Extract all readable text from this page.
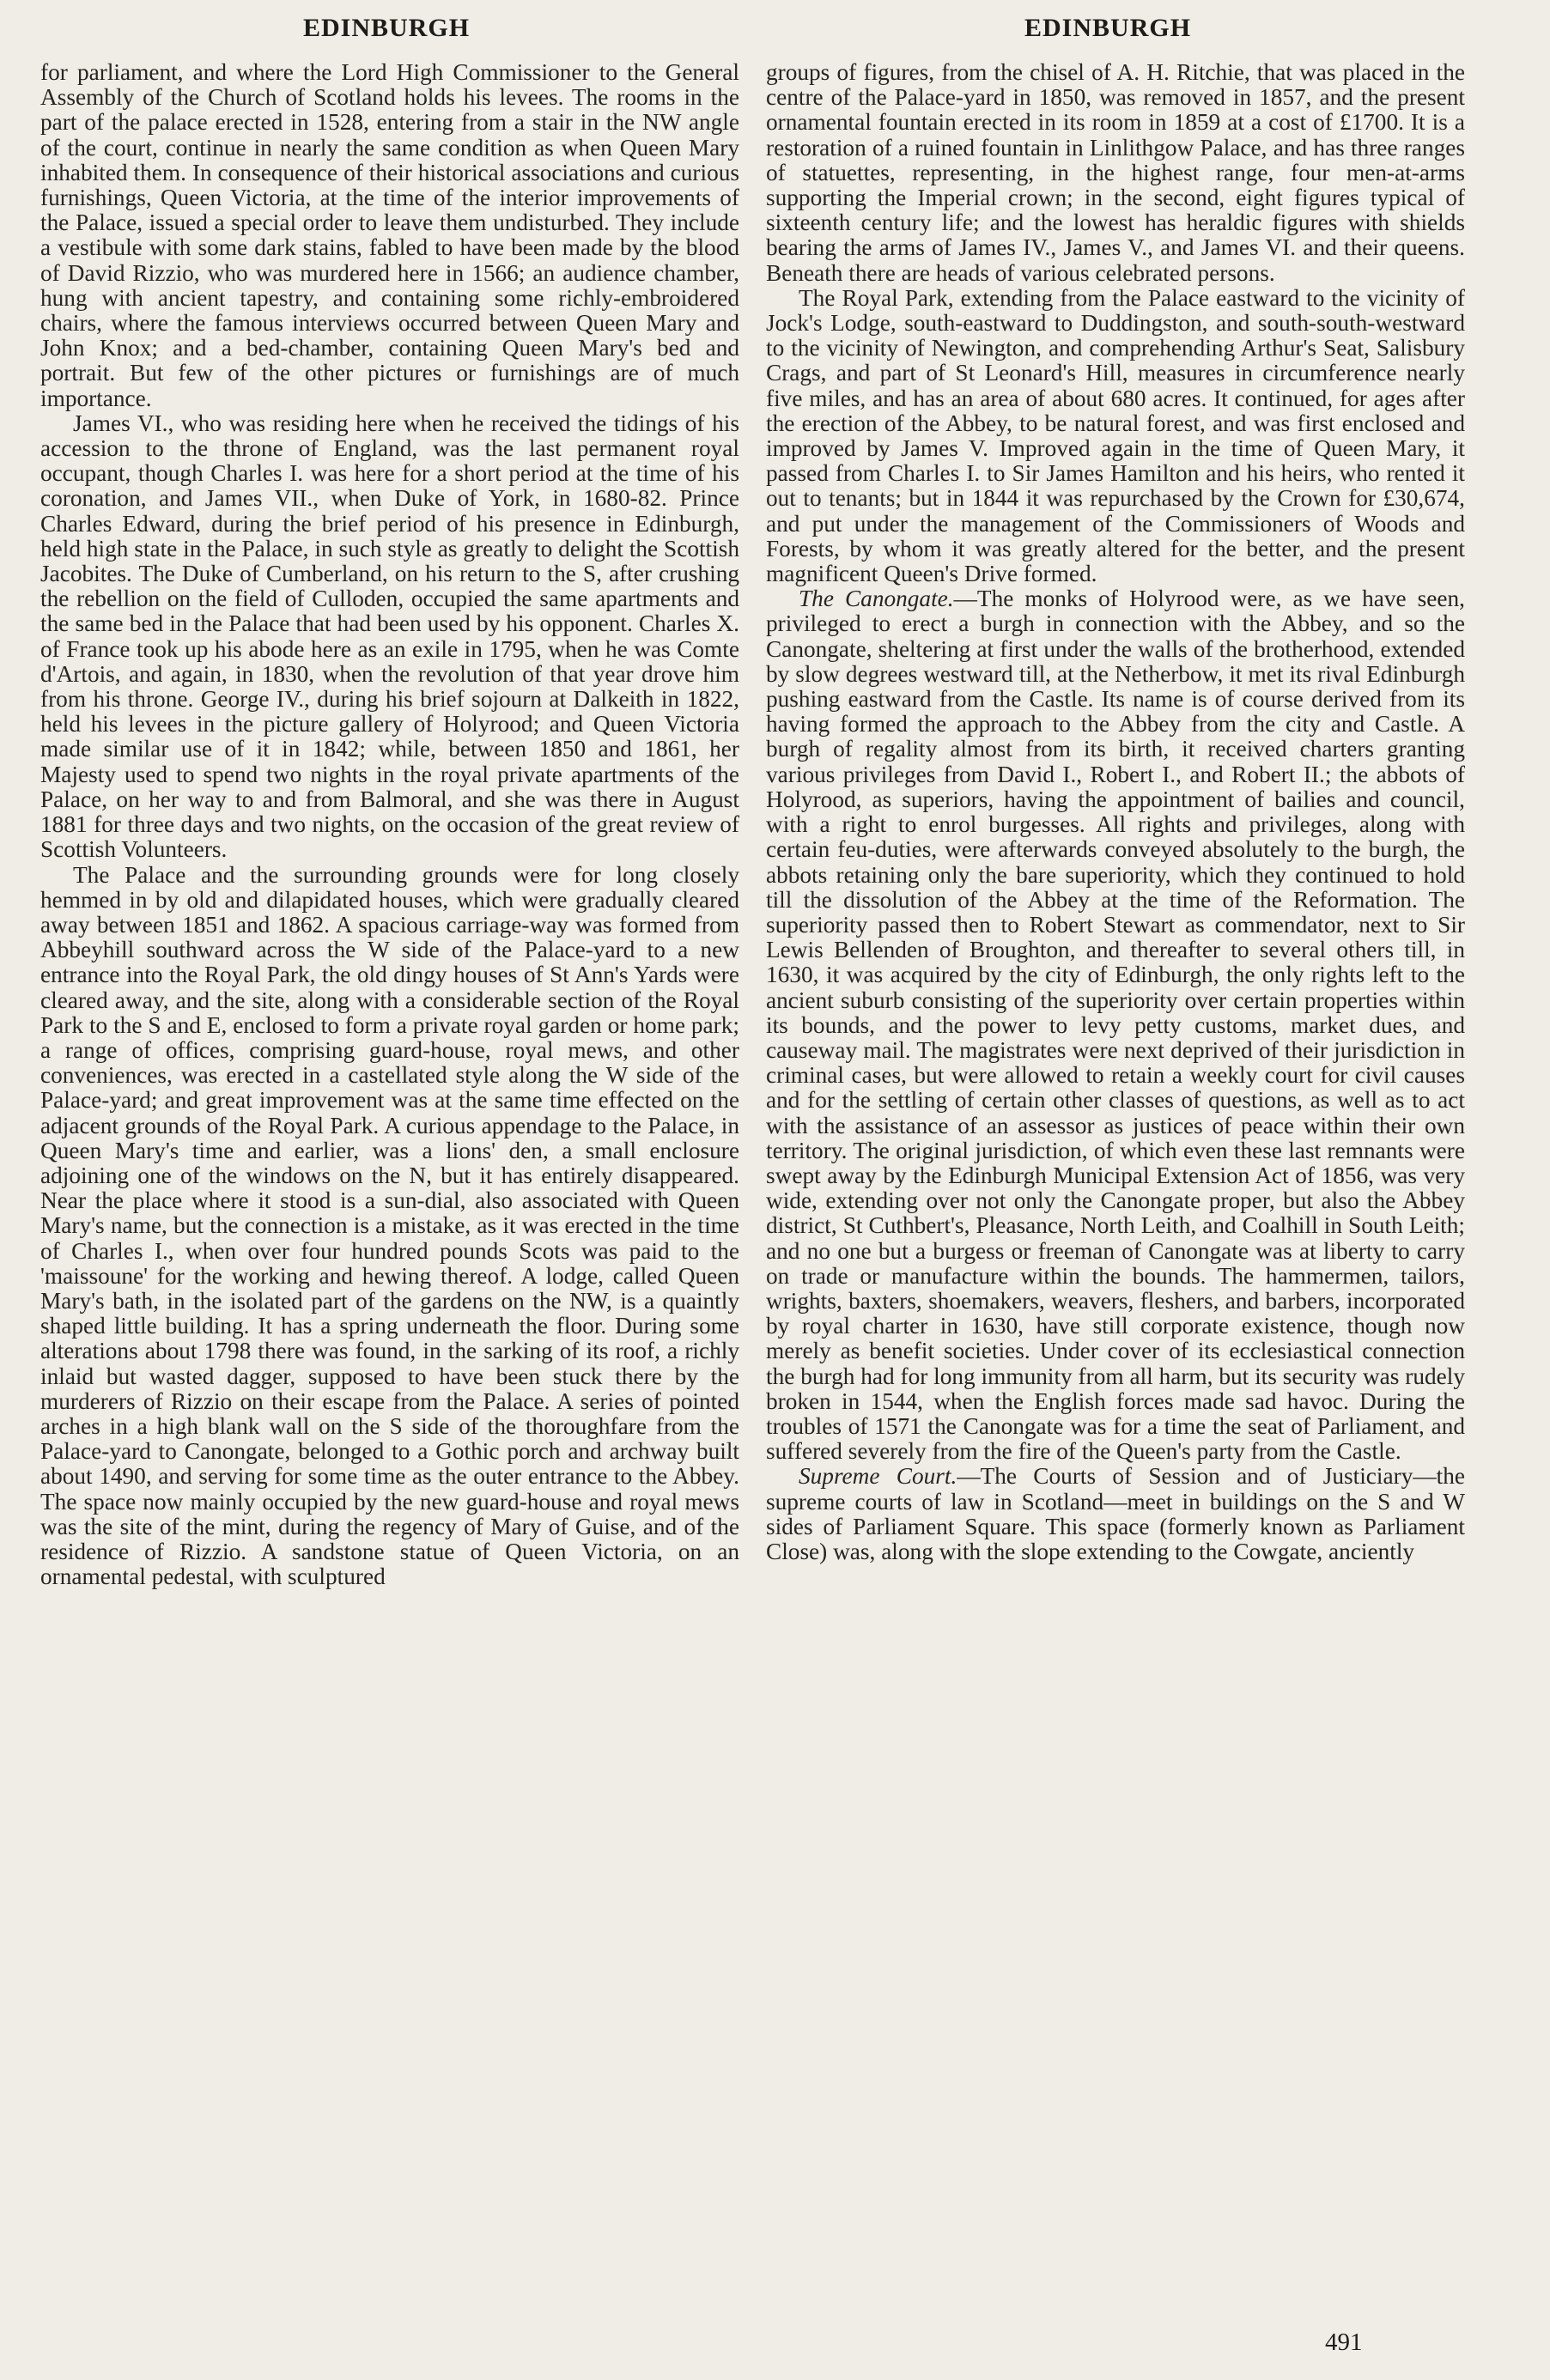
EDINBURGH	EDINBURGH

for parliament, and where the Lord High Commissioner to the General Assembly of the Church of Scotland holds his levees. The rooms in the part of the palace erected in 1528, entering from a stair in the NW angle of the court, continue in nearly the same condition as when Queen Mary inhabited them. In consequence of their historical associations and curious furnishings, Queen Victoria, at the time of the interior improvements of the Palace, issued a special order to leave them undisturbed. They include a vestibule with some dark stains, fabled to have been made by the blood of David Rizzio, who was murdered here in 1566; an audience chamber, hung with ancient tapestry, and containing some richly-embroidered chairs, where the famous interviews occurred between Queen Mary and John Knox; and a bed-chamber, containing Queen Mary's bed and portrait. But few of the other pictures or furnishings are of much importance.

James VI., who was residing here when he received the tidings of his accession to the throne of England, was the last permanent royal occupant, though Charles I. was here for a short period at the time of his coronation, and James VII., when Duke of York, in 1680-82. Prince Charles Edward, during the brief period of his presence in Edinburgh, held high state in the Palace, in such style as greatly to delight the Scottish Jacobites. The Duke of Cumberland, on his return to the S, after crushing the rebellion on the field of Culloden, occupied the same apartments and the same bed in the Palace that had been used by his opponent. Charles X. of France took up his abode here as an exile in 1795, when he was Comte d'Artois, and again, in 1830, when the revolution of that year drove him from his throne. George IV., during his brief sojourn at Dalkeith in 1822, held his levees in the picture gallery of Holyrood; and Queen Victoria made similar use of it in 1842; while, between 1850 and 1861, her Majesty used to spend two nights in the royal private apartments of the Palace, on her way to and from Balmoral, and she was there in August 1881 for three days and two nights, on the occasion of the great review of Scottish Volunteers.

The Palace and the surrounding grounds were for long closely hemmed in by old and dilapidated houses, which were gradually cleared away between 1851 and 1862. A spacious carriage-way was formed from Abbeyhill southward across the W side of the Palace-yard to a new entrance into the Royal Park, the old dingy houses of St Ann's Yards were cleared away, and the site, along with a considerable section of the Royal Park to the S and E, enclosed to form a private royal garden or home park; a range of offices, comprising guard-house, royal mews, and other conveniences, was erected in a castellated style along the W side of the Palace-yard; and great improvement was at the same time effected on the adjacent grounds of the Royal Park. A curious appendage to the Palace, in Queen Mary's time and earlier, was a lions' den, a small enclosure adjoining one of the windows on the N, but it has entirely disappeared. Near the place where it stood is a sun-dial, also associated with Queen Mary's name, but the connection is a mistake, as it was erected in the time of Charles I., when over four hundred pounds Scots was paid to the 'maissoune' for the working and hewing thereof. A lodge, called Queen Mary's bath, in the isolated part of the gardens on the NW, is a quaintly shaped little building. It has a spring underneath the floor. During some alterations about 1798 there was found, in the sarking of its roof, a richly inlaid but wasted dagger, supposed to have been stuck there by the murderers of Rizzio on their escape from the Palace. A series of pointed arches in a high blank wall on the S side of the thoroughfare from the Palace-yard to Canongate, belonged to a Gothic porch and archway built about 1490, and serving for some time as the outer entrance to the Abbey. The space now mainly occupied by the new guard-house and royal mews was the site of the mint, during the regency of Mary of Guise, and of the residence of Rizzio. A sandstone statue of Queen Victoria, on an ornamental pedestal, with sculptured

groups of figures, from the chisel of A. H. Ritchie, that was placed in the centre of the Palace-yard in 1850, was removed in 1857, and the present ornamental fountain erected in its room in 1859 at a cost of £1700. It is a restoration of a ruined fountain in Linlithgow Palace, and has three ranges of statuettes, representing, in the highest range, four men-at-arms supporting the Imperial crown; in the second, eight figures typical of sixteenth century life; and the lowest has heraldic figures with shields bearing the arms of James IV., James V., and James VI. and their queens. Beneath there are heads of various celebrated persons.

The Royal Park, extending from the Palace eastward to the vicinity of Jock's Lodge, south-eastward to Duddingston, and south-south-westward to the vicinity of Newington, and comprehending Arthur's Seat, Salisbury Crags, and part of St Leonard's Hill, measures in circumference nearly five miles, and has an area of about 680 acres. It continued, for ages after the erection of the Abbey, to be natural forest, and was first enclosed and improved by James V. Improved again in the time of Queen Mary, it passed from Charles I. to Sir James Hamilton and his heirs, who rented it out to tenants; but in 1844 it was repurchased by the Crown for £30,674, and put under the management of the Commissioners of Woods and Forests, by whom it was greatly altered for the better, and the present magnificent Queen's Drive formed.

The Canongate.—The monks of Holyrood were, as we have seen, privileged to erect a burgh in connection with the Abbey, and so the Canongate, sheltering at first under the walls of the brotherhood, extended by slow degrees westward till, at the Netherbow, it met its rival Edinburgh pushing eastward from the Castle. Its name is of course derived from its having formed the approach to the Abbey from the city and Castle. A burgh of regality almost from its birth, it received charters granting various privileges from David I., Robert I., and Robert II.; the abbots of Holyrood, as superiors, having the appointment of bailies and council, with a right to enrol burgesses. All rights and privileges, along with certain feu-duties, were afterwards conveyed absolutely to the burgh, the abbots retaining only the bare superiority, which they continued to hold till the dissolution of the Abbey at the time of the Reformation. The superiority passed then to Robert Stewart as commendator, next to Sir Lewis Bellenden of Broughton, and thereafter to several others till, in 1630, it was acquired by the city of Edinburgh, the only rights left to the ancient suburb consisting of the superiority over certain properties within its bounds, and the power to levy petty customs, market dues, and causeway mail. The magistrates were next deprived of their jurisdiction in criminal cases, but were allowed to retain a weekly court for civil causes and for the settling of certain other classes of questions, as well as to act with the assistance of an assessor as justices of peace within their own territory. The original jurisdiction, of which even these last remnants were swept away by the Edinburgh Municipal Extension Act of 1856, was very wide, extending over not only the Canongate proper, but also the Abbey district, St Cuthbert's, Pleasance, North Leith, and Coalhill in South Leith; and no one but a burgess or freeman of Canongate was at liberty to carry on trade or manufacture within the bounds. The hammermen, tailors, wrights, baxters, shoemakers, weavers, fleshers, and barbers, incorporated by royal charter in 1630, have still corporate existence, though now merely as benefit societies. Under cover of its ecclesiastical connection the burgh had for long immunity from all harm, but its security was rudely broken in 1544, when the English forces made sad havoc. During the troubles of 1571 the Canongate was for a time the seat of Parliament, and suffered severely from the fire of the Queen's party from the Castle.

Supreme Court.—The Courts of Session and of Justiciary—the supreme courts of law in Scotland—meet in buildings on the S and W sides of Parliament Square. This space (formerly known as Parliament Close) was, along with the slope extending to the Cowgate, anciently

491
